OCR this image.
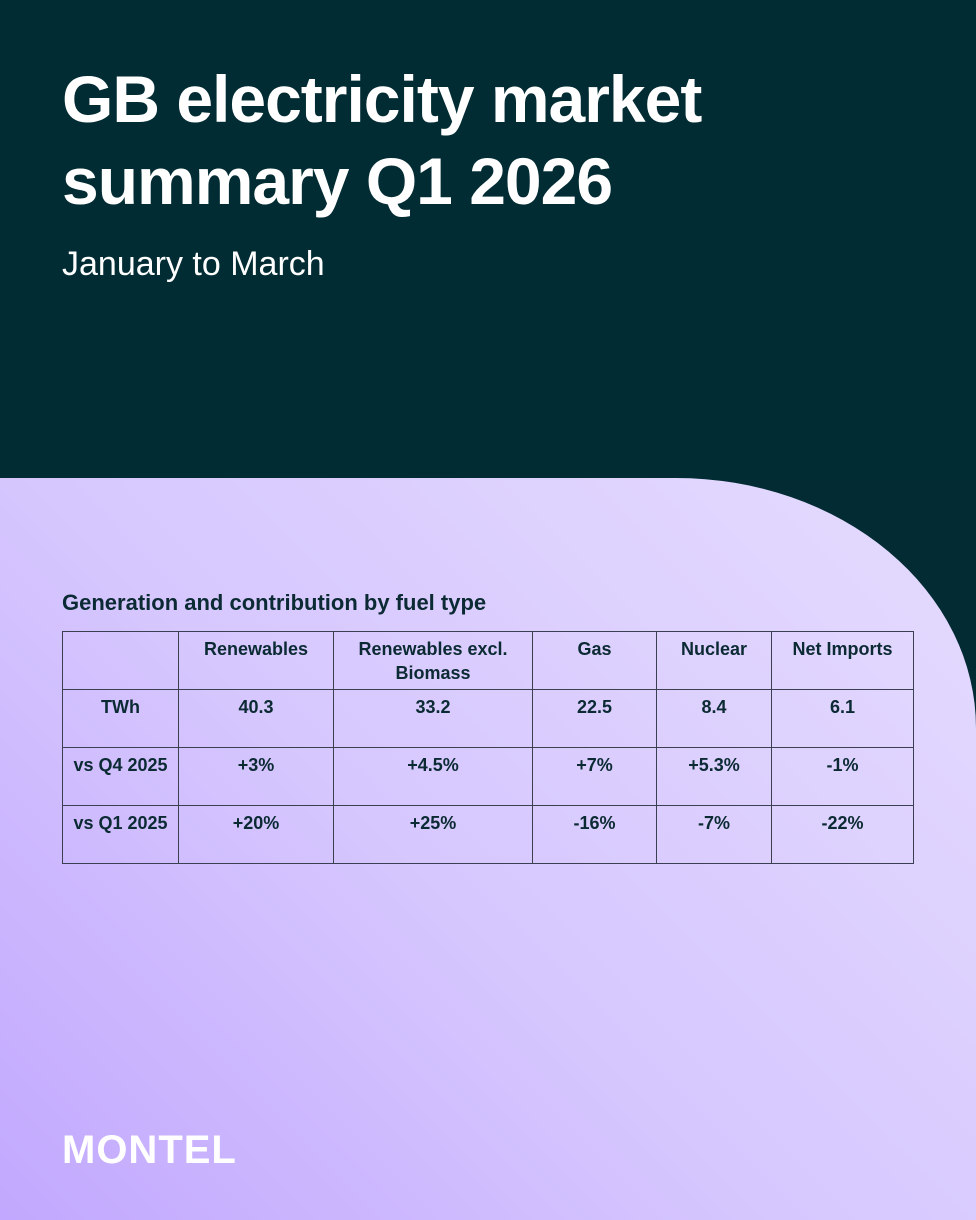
GB electricity market
summary Q1 2026
January to March
Generation and contribution by fuel type
	Renewables	Renewables excl. Biomass	Gas	Nuclear	Net Imports
TWh	40.3	33.2	22.5	8.4	6.1
vs Q4 2025	+3%	+4.5%	+7%	+5.3%	-1%
vs Q1 2025	+20%	+25%	-16%	-7%	-22%
MONTEL
